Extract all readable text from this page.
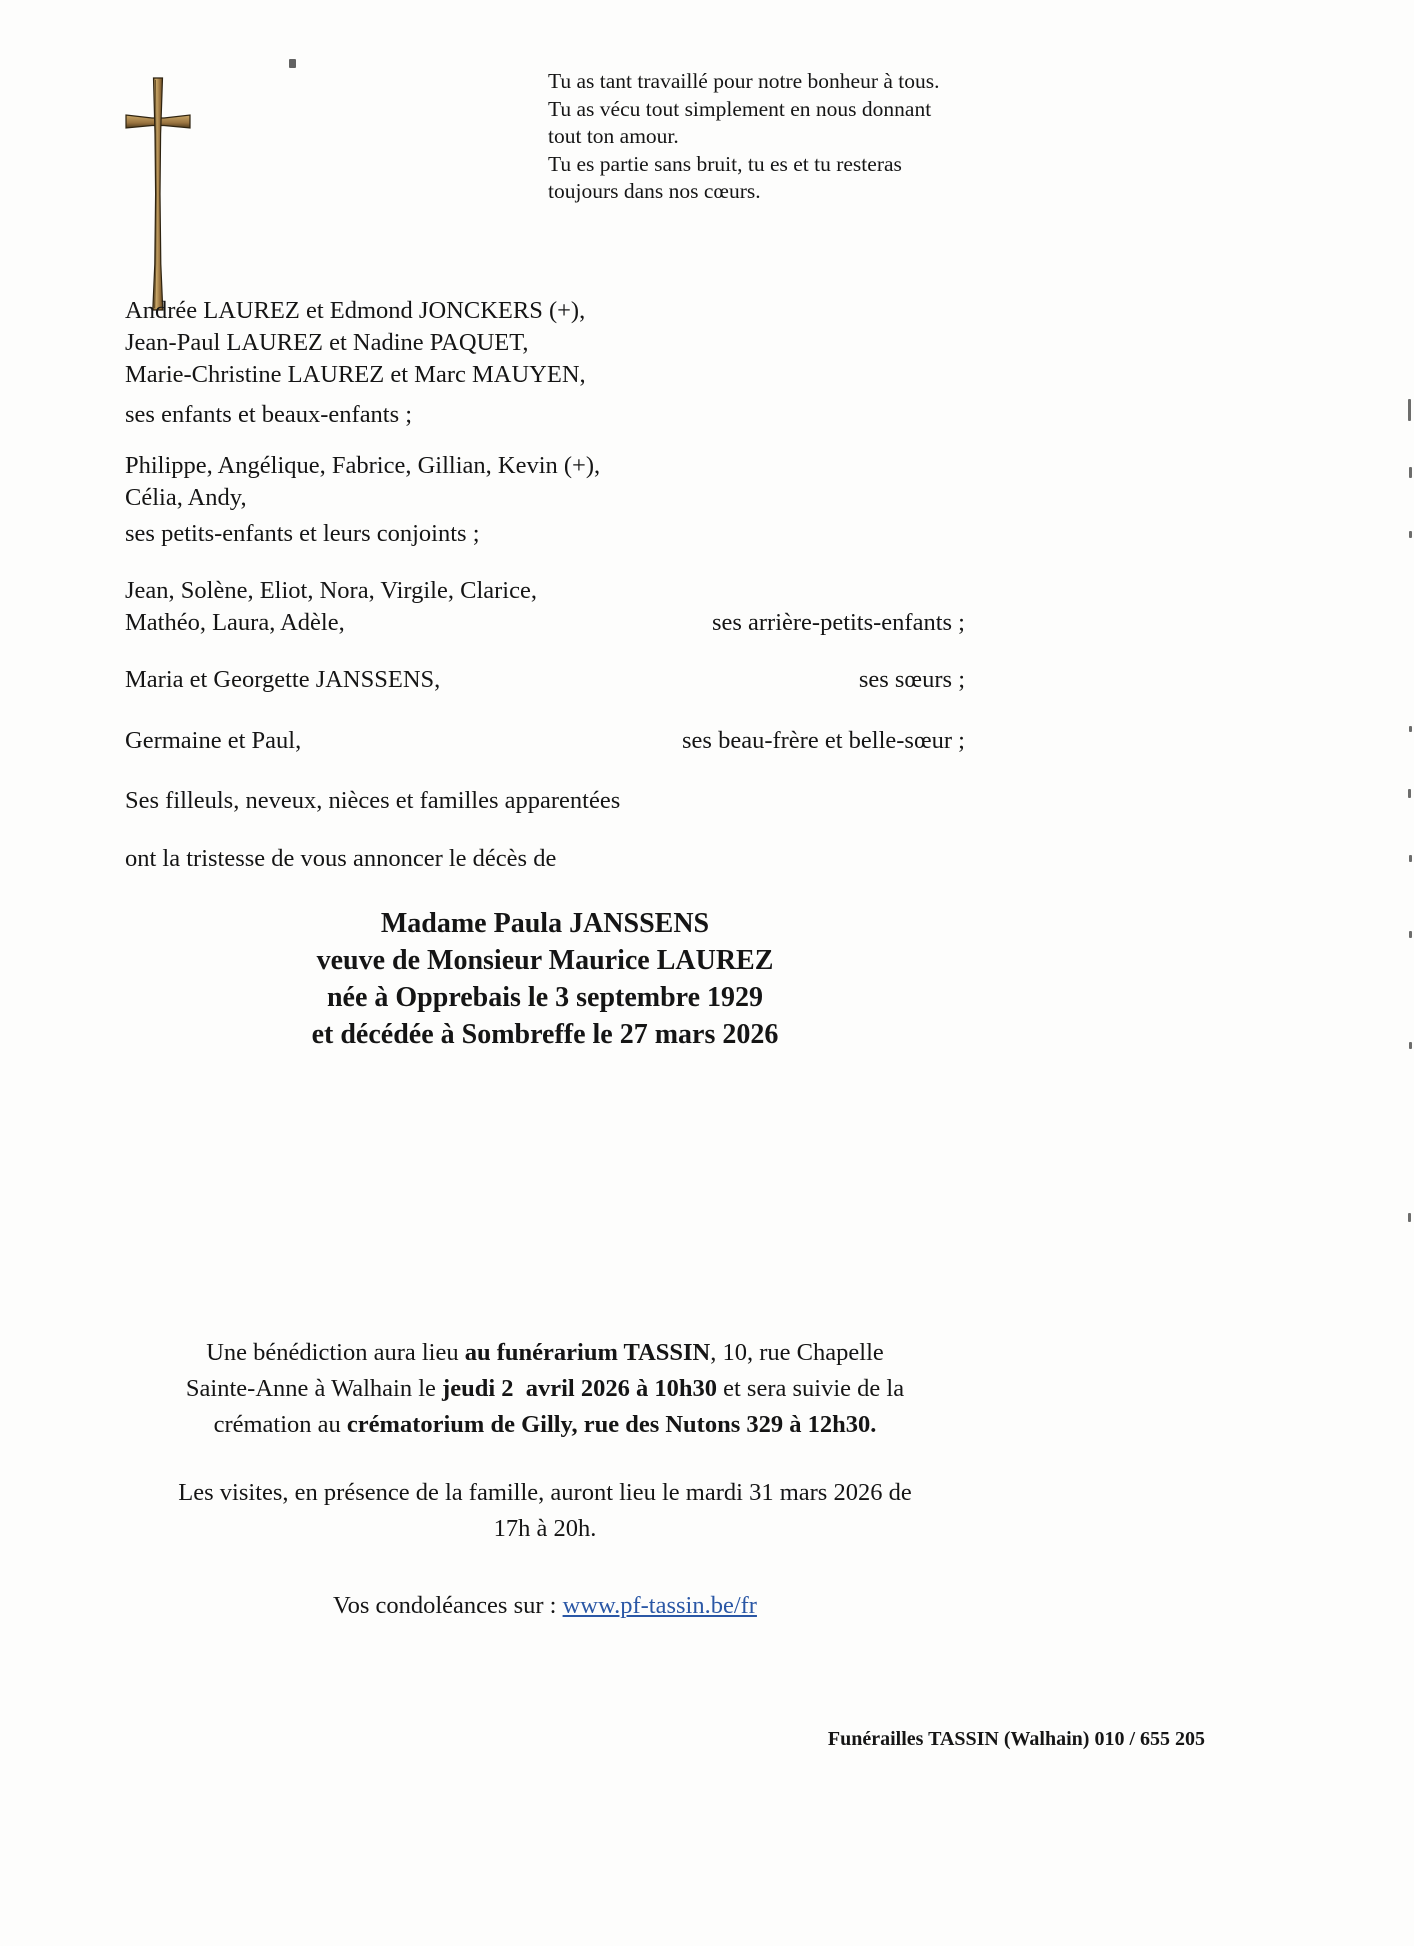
Tu as tant travaillé pour notre bonheur à tous.
Tu as vécu tout simplement en nous donnant
tout ton amour.
Tu es partie sans bruit, tu es et tu resteras
toujours dans nos cœurs.
Andrée LAUREZ et Edmond JONCKERS (+),
Jean-Paul LAUREZ et Nadine PAQUET,
Marie-Christine LAUREZ et Marc MAUYEN,
ses enfants et beaux-enfants ;
Philippe, Angélique, Fabrice, Gillian, Kevin (+),
Célia, Andy,
ses petits-enfants et leurs conjoints ;
Jean, Solène, Eliot, Nora, Virgile, Clarice,
Mathéo, Laura, Adèle,	ses arrière-petits-enfants ;
Maria et Georgette JANSSENS,	ses sœurs ;
Germaine et Paul,	ses beau-frère et belle-sœur ;
Ses filleuls, neveux, nièces et familles apparentées
ont la tristesse de vous annoncer le décès de
Madame Paula JANSSENS
veuve de Monsieur Maurice LAUREZ
née à Opprebais le 3 septembre 1929
et décédée à Sombreffe le 27 mars 2026
Une bénédiction aura lieu au funérarium TASSIN, 10, rue Chapelle
Sainte-Anne à Walhain le jeudi 2  avril 2026 à 10h30 et sera suivie de la
crémation au crématorium de Gilly, rue des Nutons 329 à 12h30.
Les visites, en présence de la famille, auront lieu le mardi 31 mars 2026 de
17h à 20h.
Vos condoléances sur : www.pf-tassin.be/fr
Funérailles TASSIN (Walhain) 010 / 655 205
